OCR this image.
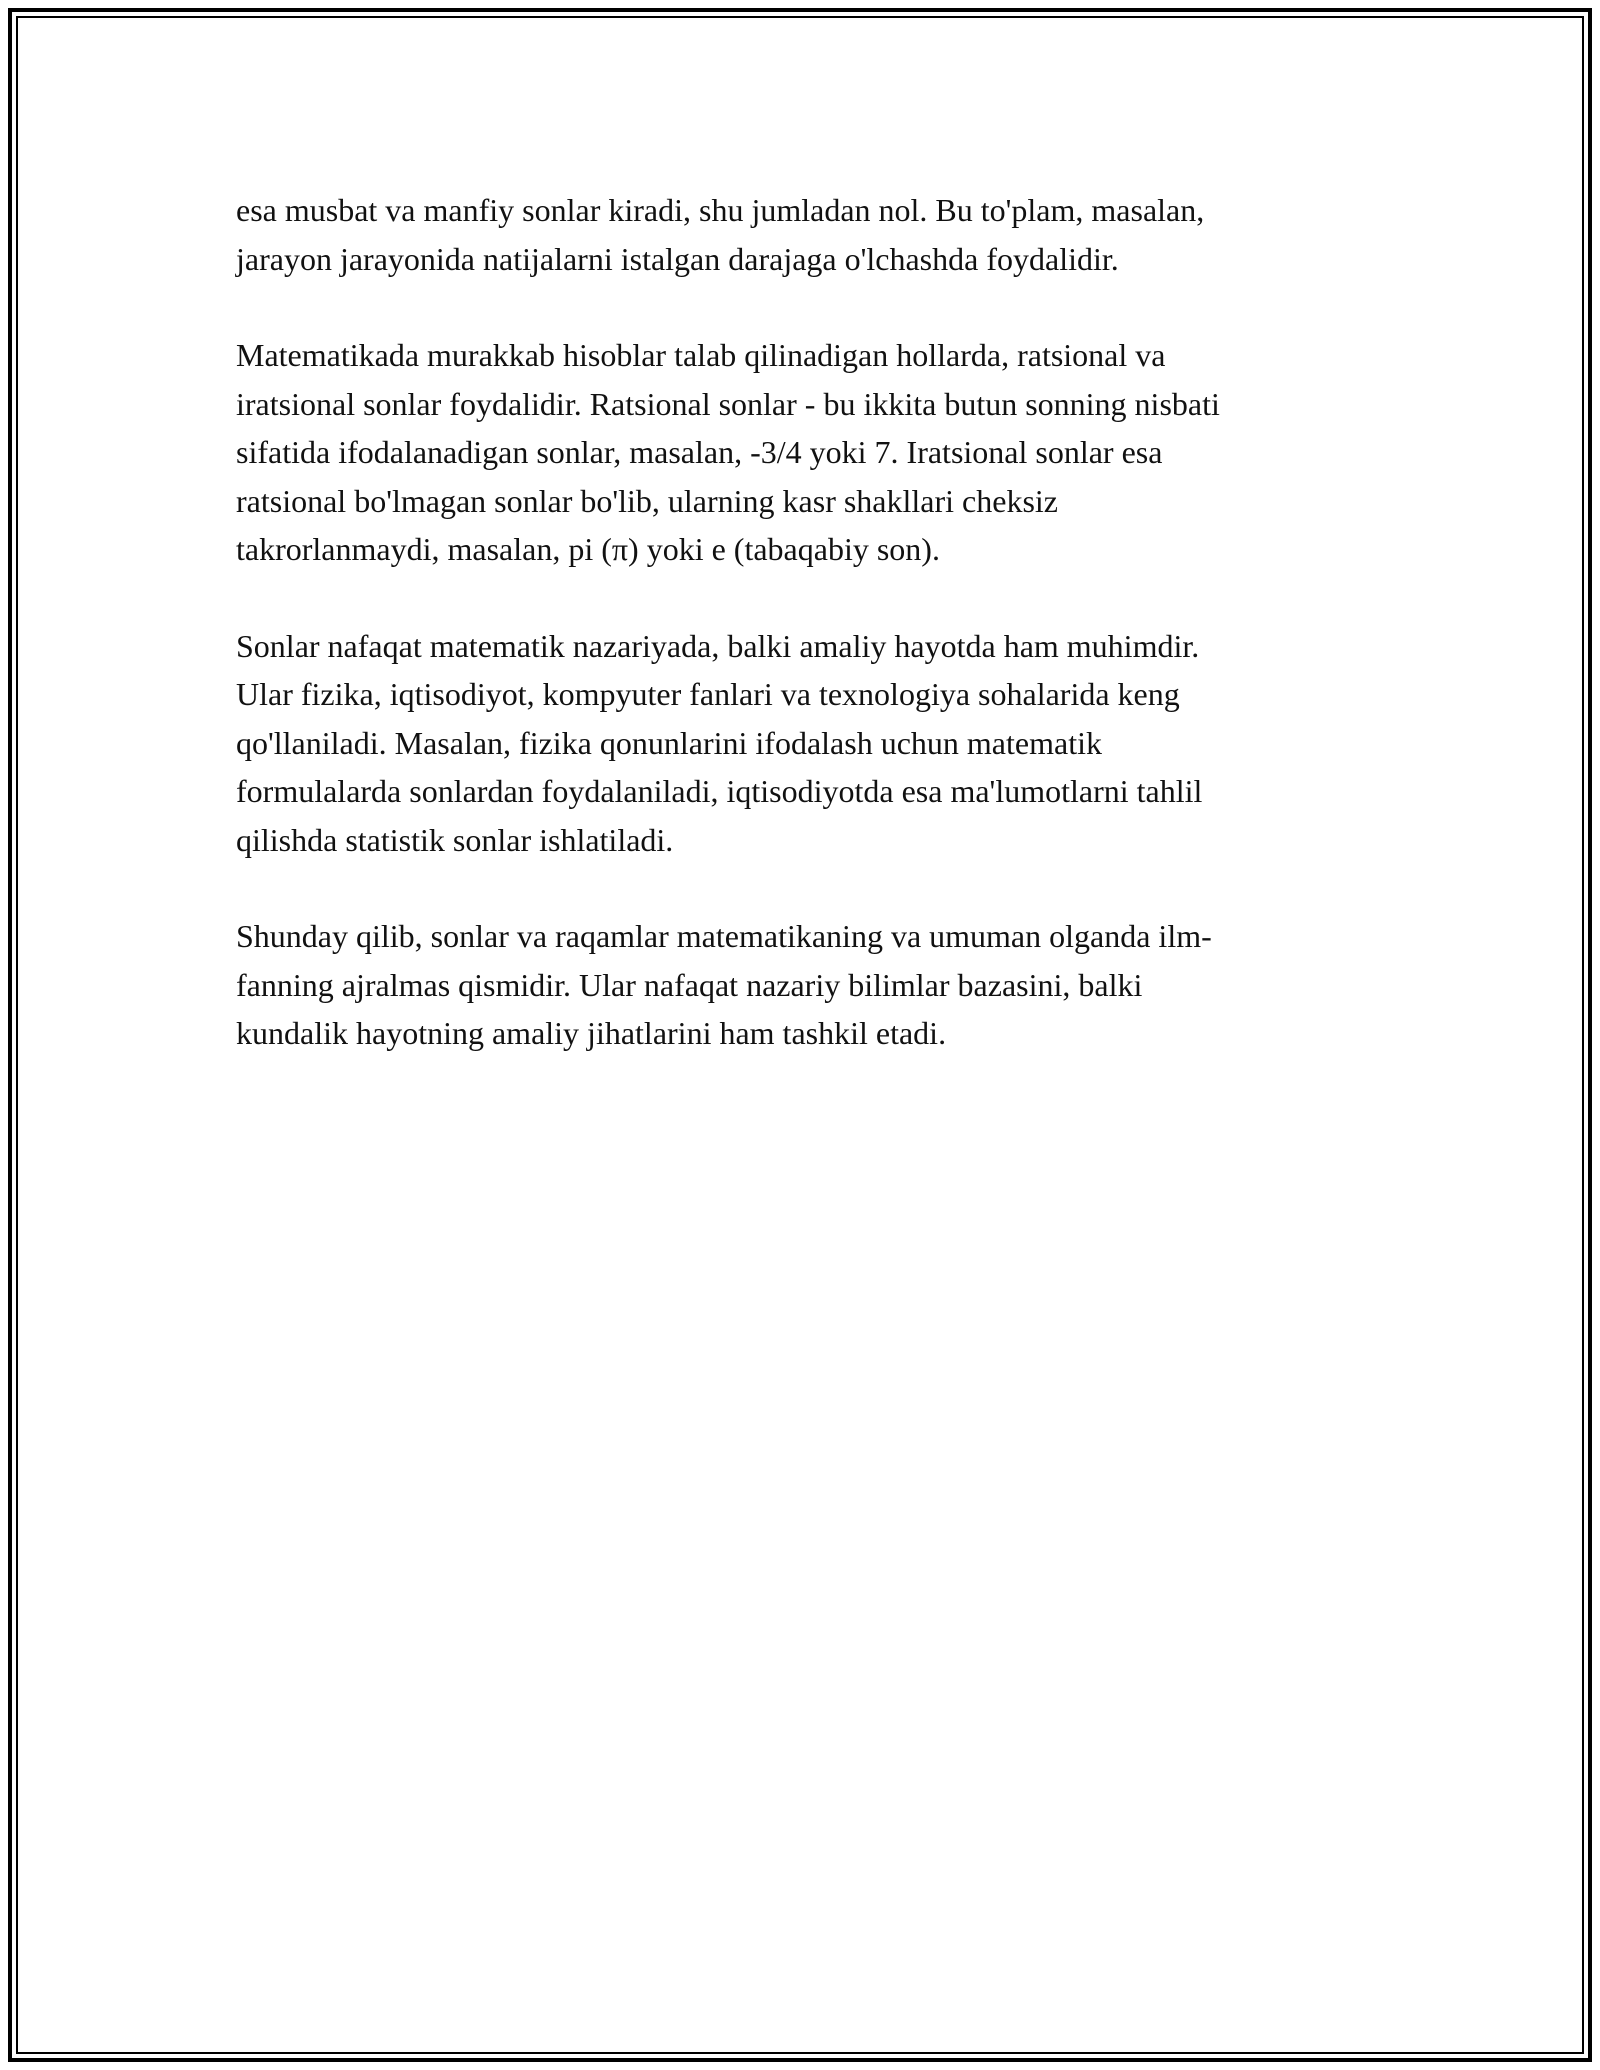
esa musbat va manfiy sonlar kiradi, shu jumladan nol. Bu to'plam, masalan,
jarayon jarayonida natijalarni istalgan darajaga o'lchashda foydalidir.

Matematikada murakkab hisoblar talab qilinadigan hollarda, ratsional va
iratsional sonlar foydalidir. Ratsional sonlar - bu ikkita butun sonning nisbati
sifatida ifodalanadigan sonlar, masalan, -3/4 yoki 7. Iratsional sonlar esa
ratsional bo'lmagan sonlar bo'lib, ularning kasr shakllari cheksiz
takrorlanmaydi, masalan, pi (π) yoki e (tabaqabiy son).

Sonlar nafaqat matematik nazariyada, balki amaliy hayotda ham muhimdir.
Ular fizika, iqtisodiyot, kompyuter fanlari va texnologiya sohalarida keng
qo'llaniladi. Masalan, fizika qonunlarini ifodalash uchun matematik
formulalarda sonlardan foydalaniladi, iqtisodiyotda esa ma'lumotlarni tahlil
qilishda statistik sonlar ishlatiladi.

Shunday qilib, sonlar va raqamlar matematikaning va umuman olganda ilm-
fanning ajralmas qismidir. Ular nafaqat nazariy bilimlar bazasini, balki
kundalik hayotning amaliy jihatlarini ham tashkil etadi.
